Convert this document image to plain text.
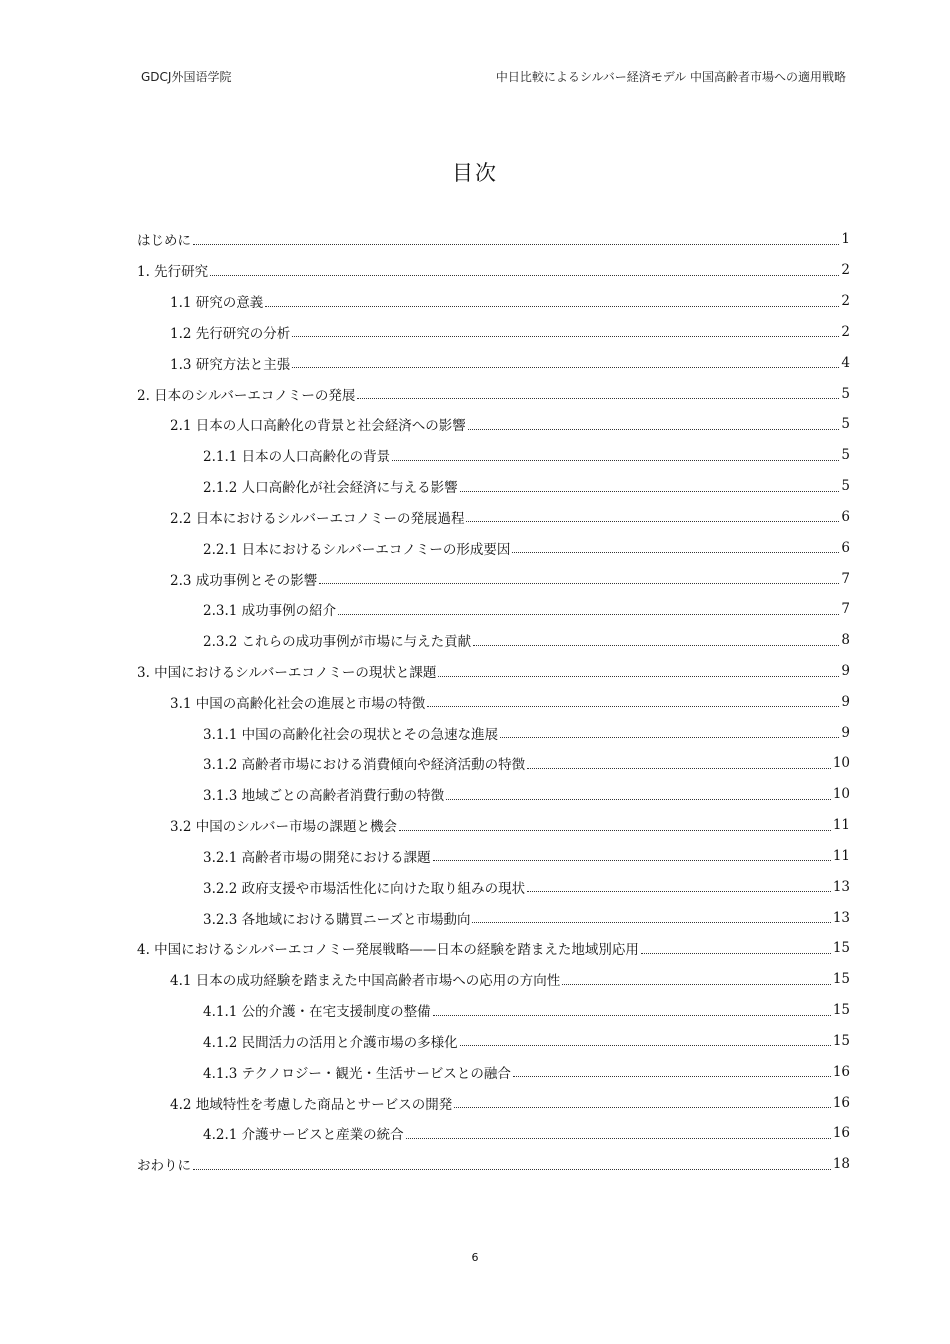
GDCJ外国语学院	中日比較によるシルバー経済モデル 中国高齢者市場への適用戦略
目次
はじめに	1
1. 先行研究	2
1.1 研究の意義	2
1.2 先行研究の分析	2
1.3 研究方法と主張	4
2. 日本のシルバーエコノミーの発展	5
2.1 日本の人口高齢化の背景と社会経済への影響	5
2.1.1 日本の人口高齢化の背景	5
2.1.2 人口高齢化が社会経済に与える影響	5
2.2 日本におけるシルバーエコノミーの発展過程	6
2.2.1 日本におけるシルバーエコノミーの形成要因	6
2.3 成功事例とその影響	7
2.3.1 成功事例の紹介	7
2.3.2 これらの成功事例が市場に与えた貢献	8
3. 中国におけるシルバーエコノミーの現状と課題	9
3.1 中国の高齢化社会の進展と市場の特徴	9
3.1.1 中国の高齢化社会の現状とその急速な進展	9
3.1.2 高齢者市場における消費傾向や経済活動の特徴	10
3.1.3 地域ごとの高齢者消費行動の特徴	10
3.2 中国のシルバー市場の課題と機会	11
3.2.1 高齢者市場の開発における課題	11
3.2.2 政府支援や市場活性化に向けた取り組みの現状	13
3.2.3 各地域における購買ニーズと市場動向	13
4. 中国におけるシルバーエコノミー発展戦略——日本の経験を踏まえた地域別応用	15
4.1 日本の成功経験を踏まえた中国高齢者市場への応用の方向性	15
4.1.1 公的介護・在宅支援制度の整備	15
4.1.2 民間活力の活用と介護市場の多様化	15
4.1.3 テクノロジー・観光・生活サービスとの融合	16
4.2 地域特性を考慮した商品とサービスの開発	16
4.2.1 介護サービスと産業の統合	16
おわりに	18
6
